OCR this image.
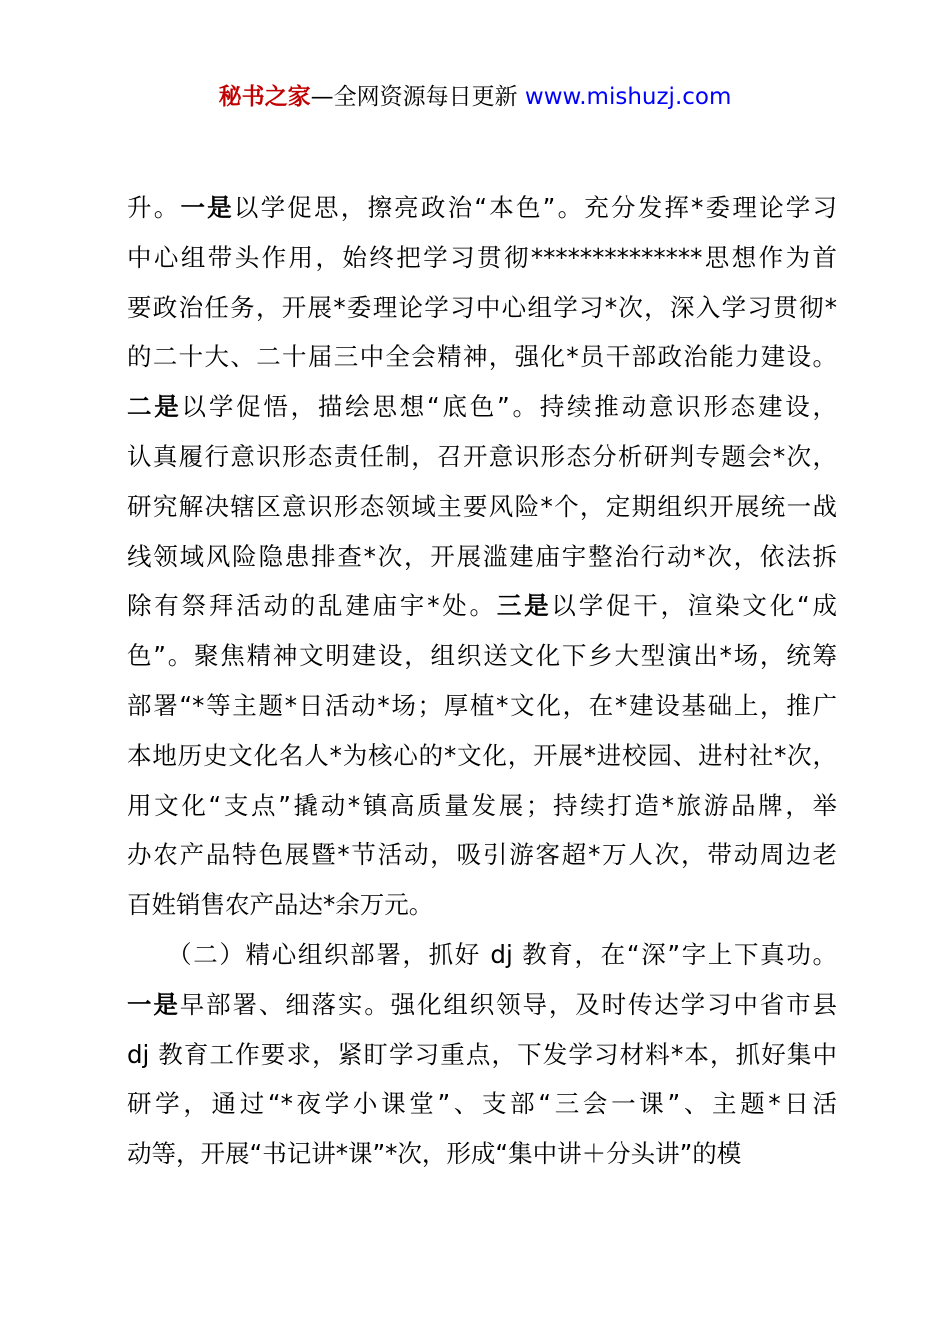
秘书之家—全网资源每日更新 www.mishuzj.com
升。一是以学促思，擦亮政治“本色”。充分发挥*委理论学习
中心组带头作用，始终把学习贯彻**************思想作为首
要政治任务，开展*委理论学习中心组学习*次，深入学习贯彻*
的二十大、二十届三中全会精神，强化*员干部政治能力建设。
二是以学促悟，描绘思想“底色”。持续推动意识形态建设，
认真履行意识形态责任制，召开意识形态分析研判专题会*次，
研究解决辖区意识形态领域主要风险*个，定期组织开展统一战
线领域风险隐患排查*次，开展滥建庙宇整治行动*次，依法拆
除有祭拜活动的乱建庙宇*处。三是以学促干，渲染文化“成
色”。聚焦精神文明建设，组织送文化下乡大型演出*场，统筹
部署“*等主题*日活动*场；厚植*文化，在*建设基础上，推广
本地历史文化名人*为核心的*文化，开展*进校园、进村社*次，
用文化“支点”撬动*镇高质量发展；持续打造*旅游品牌，举
办农产品特色展暨*节活动，吸引游客超*万人次，带动周边老
百姓销售农产品达*余万元。
　　（二）精心组织部署，抓好 dj 教育，在“深”字上下真功。
一是早部署、细落实。强化组织领导，及时传达学习中省市县
dj 教育工作要求，紧盯学习重点，下发学习材料*本，抓好集中
研学，通过“*夜学小课堂”、支部“三会一课”、主题*日活
动等，开展“书记讲*课”*次，形成“集中讲＋分头讲”的模
